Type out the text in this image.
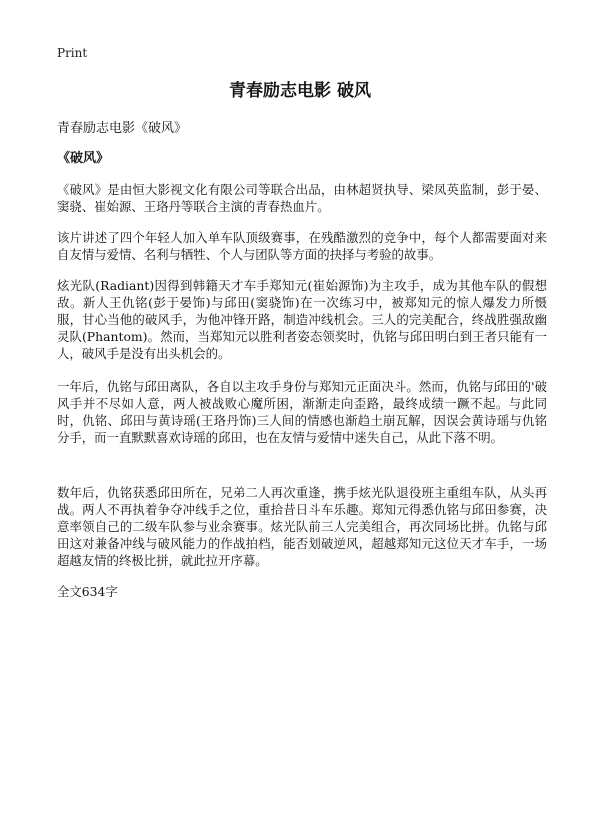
Print
青春励志电影 破风
青春励志电影《破风》
《破风》

《破风》是由恒大影视文化有限公司等联合出品，由林超贤执导、梁凤英监制，彭于晏、窦骁、崔始源、王珞丹等联合主演的青春热血片。

该片讲述了四个年轻人加入单车队顶级赛事，在残酷激烈的竞争中，每个人都需要面对来自友情与爱情、名利与牺牲、个人与团队等方面的抉择与考验的故事。

炫光队(Radiant)因得到韩籍天才车手郑知元(崔始源饰)为主攻手，成为其他车队的假想敌。新人王仇铭(彭于晏饰)与邱田(窦骁饰)在一次练习中，被郑知元的惊人爆发力所慑服，甘心当他的破风手，为他冲锋开路，制造冲线机会。三人的完美配合，终战胜强敌幽灵队(Phantom)。然而，当郑知元以胜利者姿态领奖时，仇铭与邱田明白到王者只能有一人，破风手是没有出头机会的。

一年后，仇铭与邱田离队，各自以主攻手身份与郑知元正面决斗。然而，仇铭与邱田的'破风手并不尽如人意，两人被战败心魔所困，渐渐走向歪路，最终成绩一蹶不起。与此同时，仇铭、邱田与黄诗瑶(王珞丹饰)三人间的情感也渐趋土崩瓦解，因误会黄诗瑶与仇铭分手，而一直默默喜欢诗瑶的邱田，也在友情与爱情中迷失自己，从此下落不明。

数年后，仇铭获悉邱田所在，兄弟二人再次重逢，携手炫光队退役班主重组车队，从头再战。两人不再执着争夺冲线手之位，重拾昔日斗车乐趣。郑知元得悉仇铭与邱田参赛，决意率领自己的二级车队参与业余赛事。炫光队前三人完美组合，再次同场比拼。仇铭与邱田这对兼备冲线与破风能力的作战拍档，能否划破逆风，超越郑知元这位天才车手，一场超越友情的终极比拼，就此拉开序幕。

全文634字
